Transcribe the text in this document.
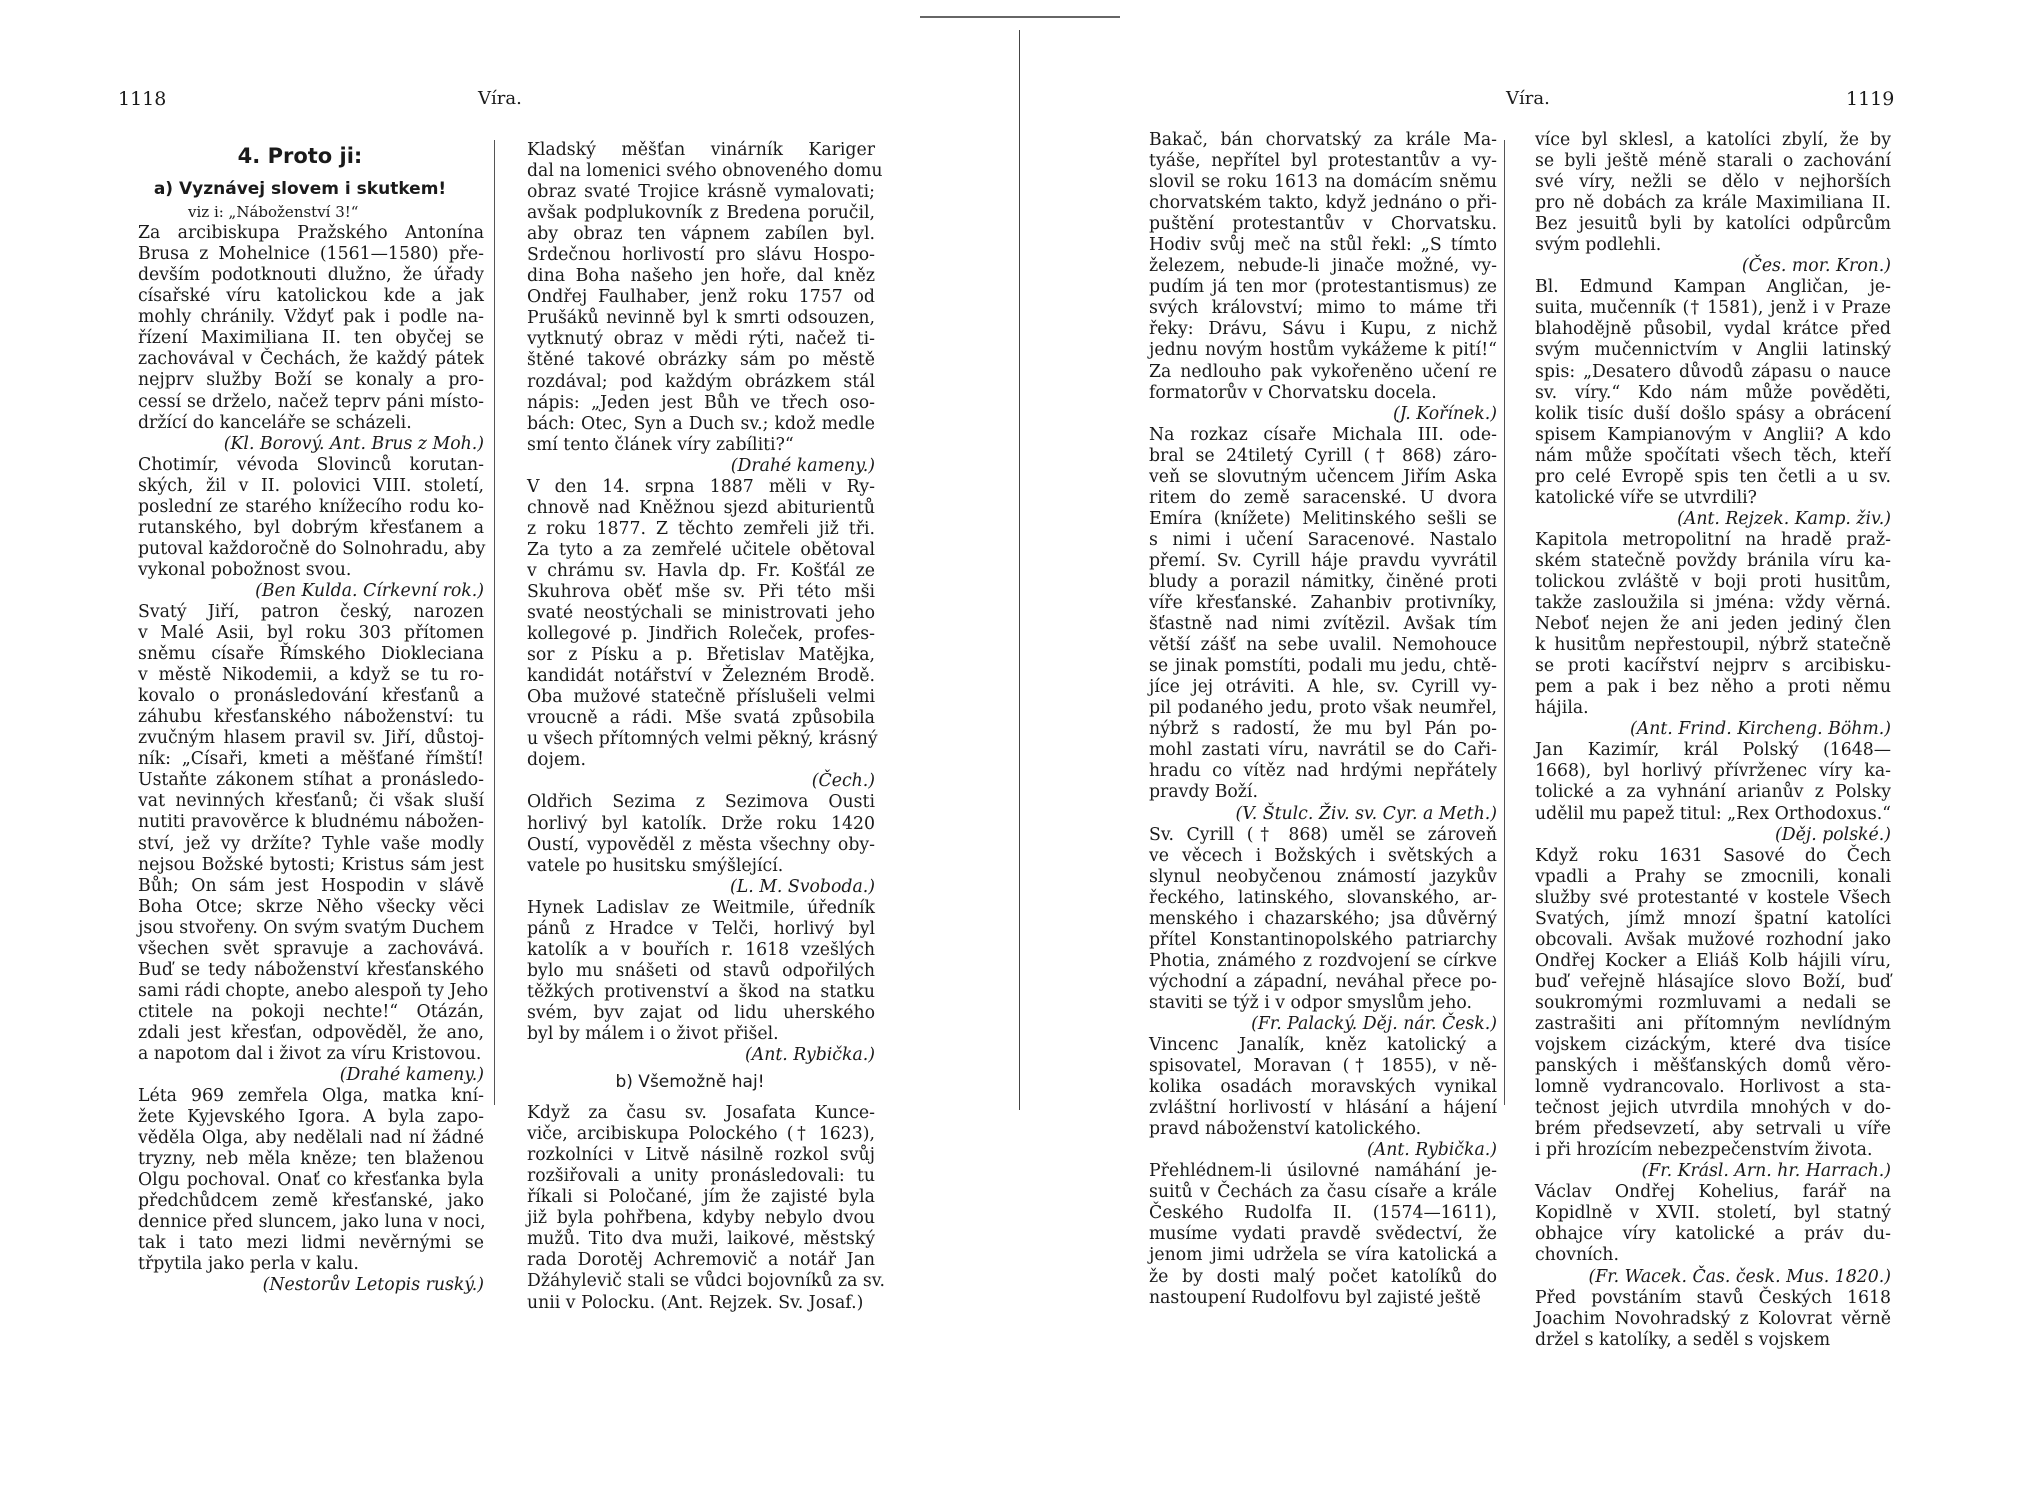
1118	Víra.

4. Proto ji:

a) Vyznávej slovem i skutkem!

viz i: „Náboženství 3!“

Za arcibiskupa Pražského Antonína
Brusa z Mohelnice (1561—1580) pře-
devším podotknouti dlužno, že úřady
císařské víru katolickou kde a jak
mohly chránily. Vždyť pak i podle na-
řízení Maximiliana II. ten obyčej se
zachovával v Čechách, že každý pátek
nejprv služby Boží se konaly a pro-
cessí se drželo, načež teprv páni místo-
držící do kanceláře se scházeli.

(Kl. Borový. Ant. Brus z Moh.)

Chotimír, vévoda Slovinců korutan-
ských, žil v II. polovici VIII. století,
poslední ze starého knížecího rodu ko-
rutanského, byl dobrým křesťanem a
putoval každoročně do Solnohradu, aby
vykonal pobožnost svou.

(Ben Kulda. Církevní rok.)

Svatý Jiří, patron český, narozen
v Malé Asii, byl roku 303 přítomen
sněmu císaře Římského Diokleciana
v městě Nikodemii, a když se tu ro-
kovalo o pronásledování křesťanů a
záhubu křesťanského náboženství: tu
zvučným hlasem pravil sv. Jiří, důstoj-
ník: „Císaři, kmeti a měšťané římští!
Ustaňte zákonem stíhat a pronásledo-
vat nevinných křesťanů; či však sluší
nutiti pravověrce k bludnému nábožen-
ství, jež vy držíte? Tyhle vaše modly
nejsou Božské bytosti; Kristus sám jest
Bůh; On sám jest Hospodin v slávě
Boha Otce; skrze Něho všecky věci
jsou stvořeny. On svým svatým Duchem
všechen svět spravuje a zachovává.
Buď se tedy náboženství křesťanského
sami rádi chopte, anebo alespoň ty Jeho
ctitele na pokoji nechte!“ Otázán,
zdali jest křesťan, odpověděl, že ano,
a napotom dal i život za víru Kristovou.

(Drahé kameny.)

Léta 969 zemřela Olga, matka kní-
žete Kyjevského Igora. A byla zapo-
věděla Olga, aby nedělali nad ní žádné
tryzny, neb měla kněze; ten blaženou
Olgu pochoval. Onať co křesťanka byla
předchůdcem země křesťanské, jako
dennice před sluncem, jako luna v noci,
tak i tato mezi lidmi nevěrnými se
třpytila jako perla v kalu.

(Nestorův Letopis ruský.)

Kladský měšťan vinárník Kariger
dal na lomenici svého obnoveného domu
obraz svaté Trojice krásně vymalovati;
avšak podplukovník z Bredena poručil,
aby obraz ten vápnem zabílen byl.
Srdečnou horlivostí pro slávu Hospo-
dina Boha našeho jen hoře, dal kněz
Ondřej Faulhaber, jenž roku 1757 od
Prušáků nevinně byl k smrti odsouzen,
vytknutý obraz v mědi rýti, načež ti-
štěné takové obrázky sám po městě
rozdával; pod každým obrázkem stál
nápis: „Jeden jest Bůh ve třech oso-
bách: Otec, Syn a Duch sv.; kdož medle
smí tento článek víry zabíliti?“

(Drahé kameny.)

V den 14. srpna 1887 měli v Ry-
chnově nad Kněžnou sjezd abiturientů
z roku 1877. Z těchto zemřeli již tři.
Za tyto a za zemřelé učitele obětoval
v chrámu sv. Havla dp. Fr. Košťál ze
Skuhrova oběť mše sv. Při této mši
svaté neostýchali se ministrovati jeho
kollegové p. Jindřich Roleček, profes-
sor z Písku a p. Břetislav Matějka,
kandidát notářství v Železném Brodě.
Oba mužové statečně příslušeli velmi
vroucně a rádi. Mše svatá způsobila
u všech přítomných velmi pěkný, krásný
dojem.

(Čech.)

Oldřich Sezima z Sezimova Ousti
horlivý byl katolík. Drže roku 1420
Oustí, vypověděl z města všechny oby-
vatele po husitsku smýšlející.

(L. M. Svoboda.)

Hynek Ladislav ze Weitmile, úředník
pánů z Hradce v Telči, horlivý byl
katolík a v bouřích r. 1618 vzešlých
bylo mu snášeti od stavů odpořilých
těžkých protivenství a škod na statku
svém, byv zajat od lidu uherského
byl by málem i o život přišel.

(Ant. Rybička.)

b) Všemožně haj!

Když za času sv. Josafata Kunce-
viče, arcibiskupa Polockého († 1623),
rozkolníci v Litvě násilně rozkol svůj
rozšiřovali a unity pronásledovali: tu
říkali si Poločané, jím že zajisté byla
již byla pohřbena, kdyby nebylo dvou
mužů. Tito dva muži, laikové, městský
rada Dorotěj Achremovič a notář Jan
Džáhylevič stali se vůdci bojovníků za sv.
unii v Polocku. (Ant. Rejzek. Sv. Josaf.)

Víra.	1119

Bakač, bán chorvatský za krále Ma-
tyáše, nepřítel byl protestantův a vy-
slovil se roku 1613 na domácím sněmu
chorvatském takto, když jednáno o při-
puštění protestantův v Chorvatsku.
Hodiv svůj meč na stůl řekl: „S tímto
železem, nebude-li jinače možné, vy-
pudím já ten mor (protestantismus) ze
svých království; mimo to máme tři
řeky: Drávu, Sávu i Kupu, z nichž
jednu novým hostům vykážeme k pití!“
Za nedlouho pak vykořeněno učení re
formatorův v Chorvatsku docela.

(J. Kořínek.)

Na rozkaz císaře Michala III. ode-
bral se 24tiletý Cyrill († 868) záro-
veň se slovutným učencem Jiřím Aska
ritem do země saracenské. U dvora
Emíra (knížete) Melitinského sešli se
s nimi i učení Saracenové. Nastalo
přemí. Sv. Cyrill háje pravdu vyvrátil
bludy a porazil námitky, činěné proti
víře křesťanské. Zahanbiv protivníky,
šťastně nad nimi zvítězil. Avšak tím
větší zášť na sebe uvalil. Nemohouce
se jinak pomstíti, podali mu jedu, chtě-
jíce jej otráviti. A hle, sv. Cyrill vy-
pil podaného jedu, proto však neumřel,
nýbrž s radostí, že mu byl Pán po-
mohl zastati víru, navrátil se do Caři-
hradu co vítěz nad hrdými nepřátely
pravdy Boží.

(V. Štulc. Živ. sv. Cyr. a Meth.)

Sv. Cyrill († 868) uměl se zároveň
ve věcech i Božských i světských a
slynul neobyčenou známostí jazykův
řeckého, latinského, slovanského, ar-
menského i chazarského; jsa důvěrný
přítel Konstantinopolského patriarchy
Photia, známého z rozdvojení se církve
východní a západní, neváhal přece po-
staviti se týž i v odpor smyslům jeho.

(Fr. Palacký. Děj. nár. Česk.)

Vincenc Janalík, kněz katolický a
spisovatel, Moravan († 1855), v ně-
kolika osadách moravských vynikal
zvláštní horlivostí v hlásání a hájení
pravd náboženství katolického.

(Ant. Rybička.)

Přehlédnem-li úsilovné namáhání je-
suitů v Čechách za času císaře a krále
Českého Rudolfa II. (1574—1611),
musíme vydati pravdě svědectví, že
jenom jimi udržela se víra katolická a
že by dosti malý počet katolíků do
nastoupení Rudolfovu byl zajisté ještě

více byl sklesl, a katolíci zbylí, že by
se byli ještě méně starali o zachování
své víry, nežli se dělo v nejhorších
pro ně dobách za krále Maximiliana II.
Bez jesuitů byli by katolíci odpůrcům
svým podlehli.

(Čes. mor. Kron.)

Bl. Edmund Kampan Angličan, je-
suita, mučenník († 1581), jenž i v Praze
blahodějně působil, vydal krátce před
svým mučennictvím v Anglii latinský
spis: „Desatero důvodů zápasu o nauce
sv. víry.“ Kdo nám může pověděti,
kolik tisíc duší došlo spásy a obrácení
spisem Kampianovým v Anglii? A kdo
nám může spočítati všech těch, kteří
pro celé Evropě spis ten četli a u sv.
katolické víře se utvrdili?

(Ant. Rejzek. Kamp. živ.)

Kapitola metropolitní na hradě praž-
ském statečně povždy bránila víru ka-
tolickou zvláště v boji proti husitům,
takže zasloužila si jména: vždy věrná.
Neboť nejen že ani jeden jediný člen
k husitům nepřestoupil, nýbrž statečně
se proti kacířství nejprv s arcibisku-
pem a pak i bez něho a proti němu
hájila.

(Ant. Frind. Kircheng. Böhm.)

Jan Kazimír, král Polský (1648—
1668), byl horlivý přívrženec víry ka-
tolické a za vyhnání arianův z Polsky
udělil mu papež titul: „Rex Orthodoxus.“

(Děj. polské.)

Když roku 1631 Sasové do Čech
vpadli a Prahy se zmocnili, konali
služby své protestanté v kostele Všech
Svatých, jímž mnozí špatní katolíci
obcovali. Avšak mužové rozhodní jako
Ondřej Kocker a Eliáš Kolb hájili víru,
buď veřejně hlásajíce slovo Boží, buď
soukromými rozmluvami a nedali se
zastrašiti ani přítomným nevlídným
vojskem cizáckým, které dva tisíce
panských i měšťanských domů věro-
lomně vydrancovalo. Horlivost a sta-
tečnost jejich utvrdila mnohých v do-
brém předsevzetí, aby setrvali u víře
i při hrozícím nebezpečenstvím života.

(Fr. Krásl. Arn. hr. Harrach.)

Václav Ondřej Kohelius, farář na
Kopidlně v XVII. století, byl statný
obhajce víry katolické a práv du-
chovních.

(Fr. Wacek. Čas. česk. Mus. 1820.)

Před povstáním stavů Českých 1618
Joachim Novohradský z Kolovrat věrně
držel s katolíky, a seděl s vojskem
